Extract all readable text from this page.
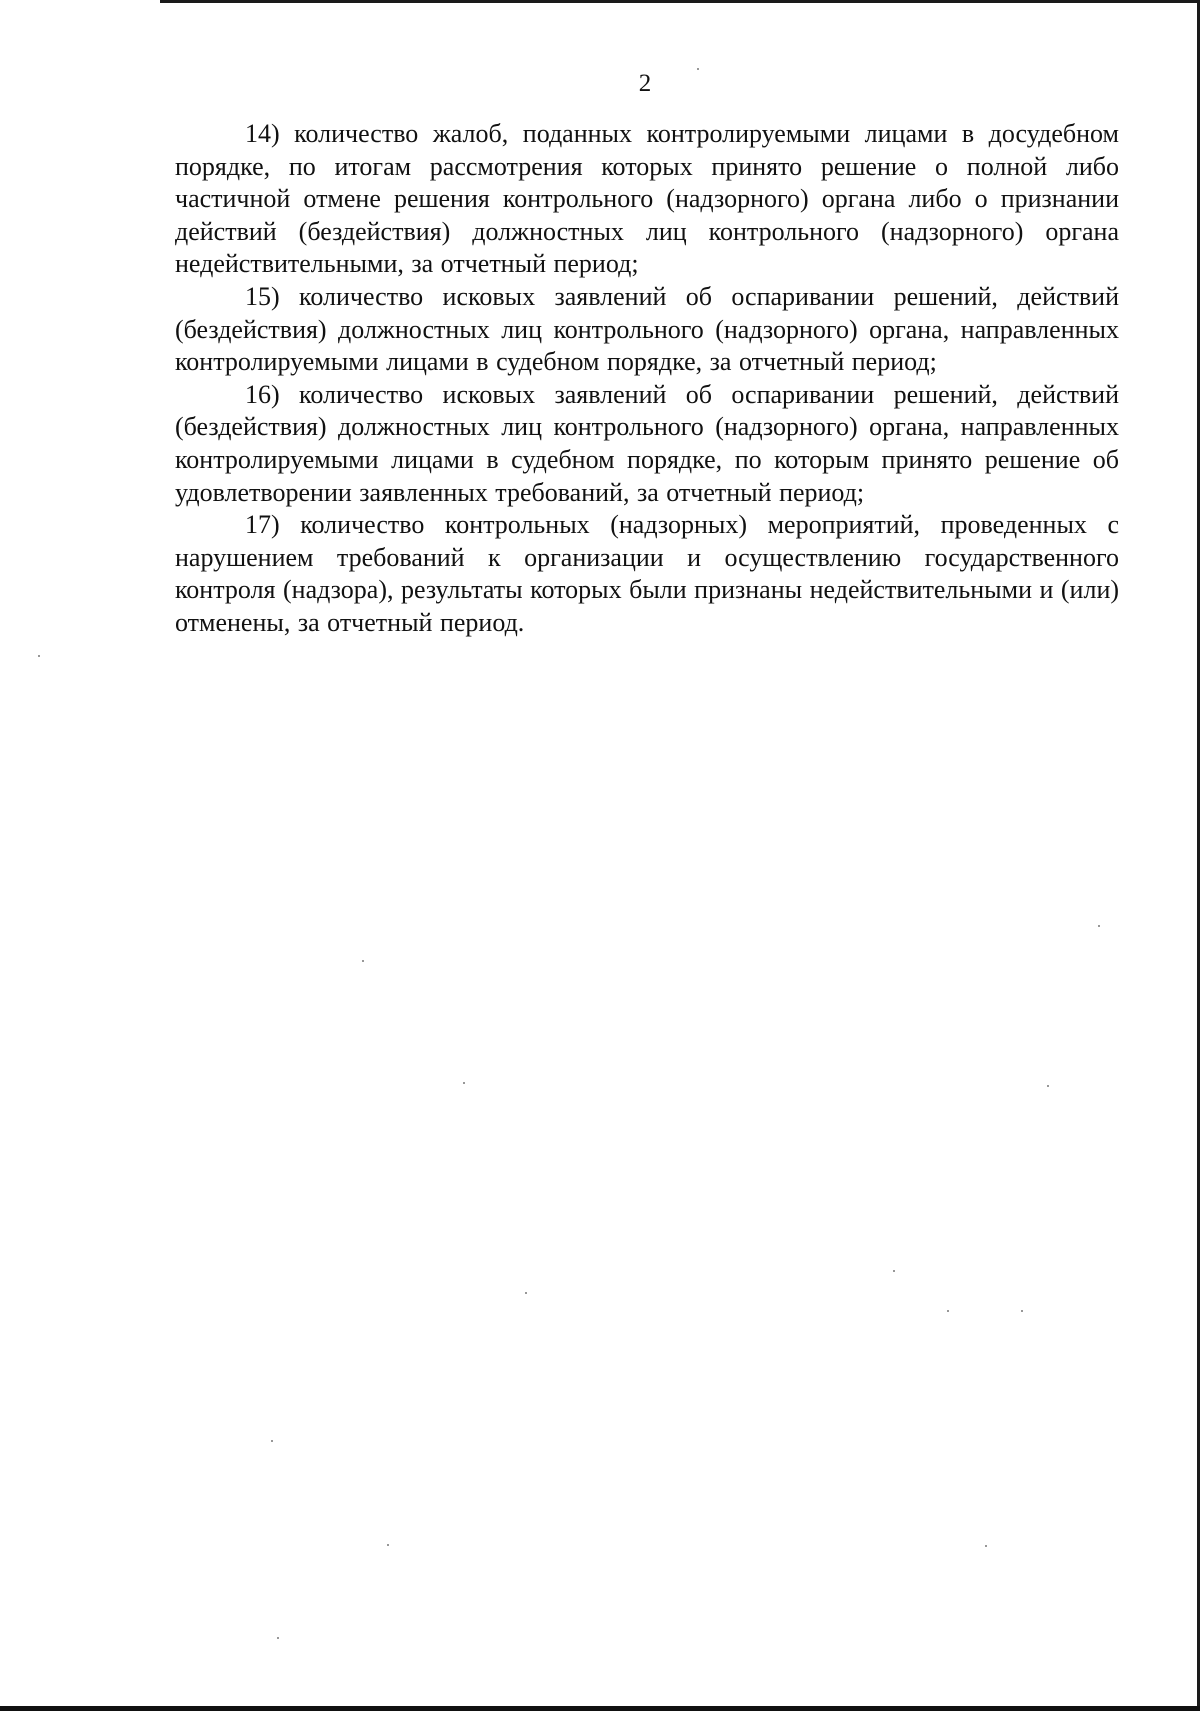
2

14) количество жалоб, поданных контролируемыми лицами в досудебном порядке, по итогам рассмотрения которых принято решение о полной либо частичной отмене решения контрольного (надзорного) органа либо о признании действий (бездействия) должностных лиц контрольного (надзорного) органа недействительными, за отчетный период;

15) количество исковых заявлений об оспаривании решений, действий (бездействия) должностных лиц контрольного (надзорного) органа, направленных контролируемыми лицами в судебном порядке, за отчетный период;

16) количество исковых заявлений об оспаривании решений, действий (бездействия) должностных лиц контрольного (надзорного) органа, направленных контролируемыми лицами в судебном порядке, по которым принято решение об удовлетворении заявленных требований, за отчетный период;

17) количество контрольных (надзорных) мероприятий, проведенных с нарушением требований к организации и осуществлению государственного контроля (надзора), результаты которых были признаны недействительными и (или) отменены, за отчетный период.
